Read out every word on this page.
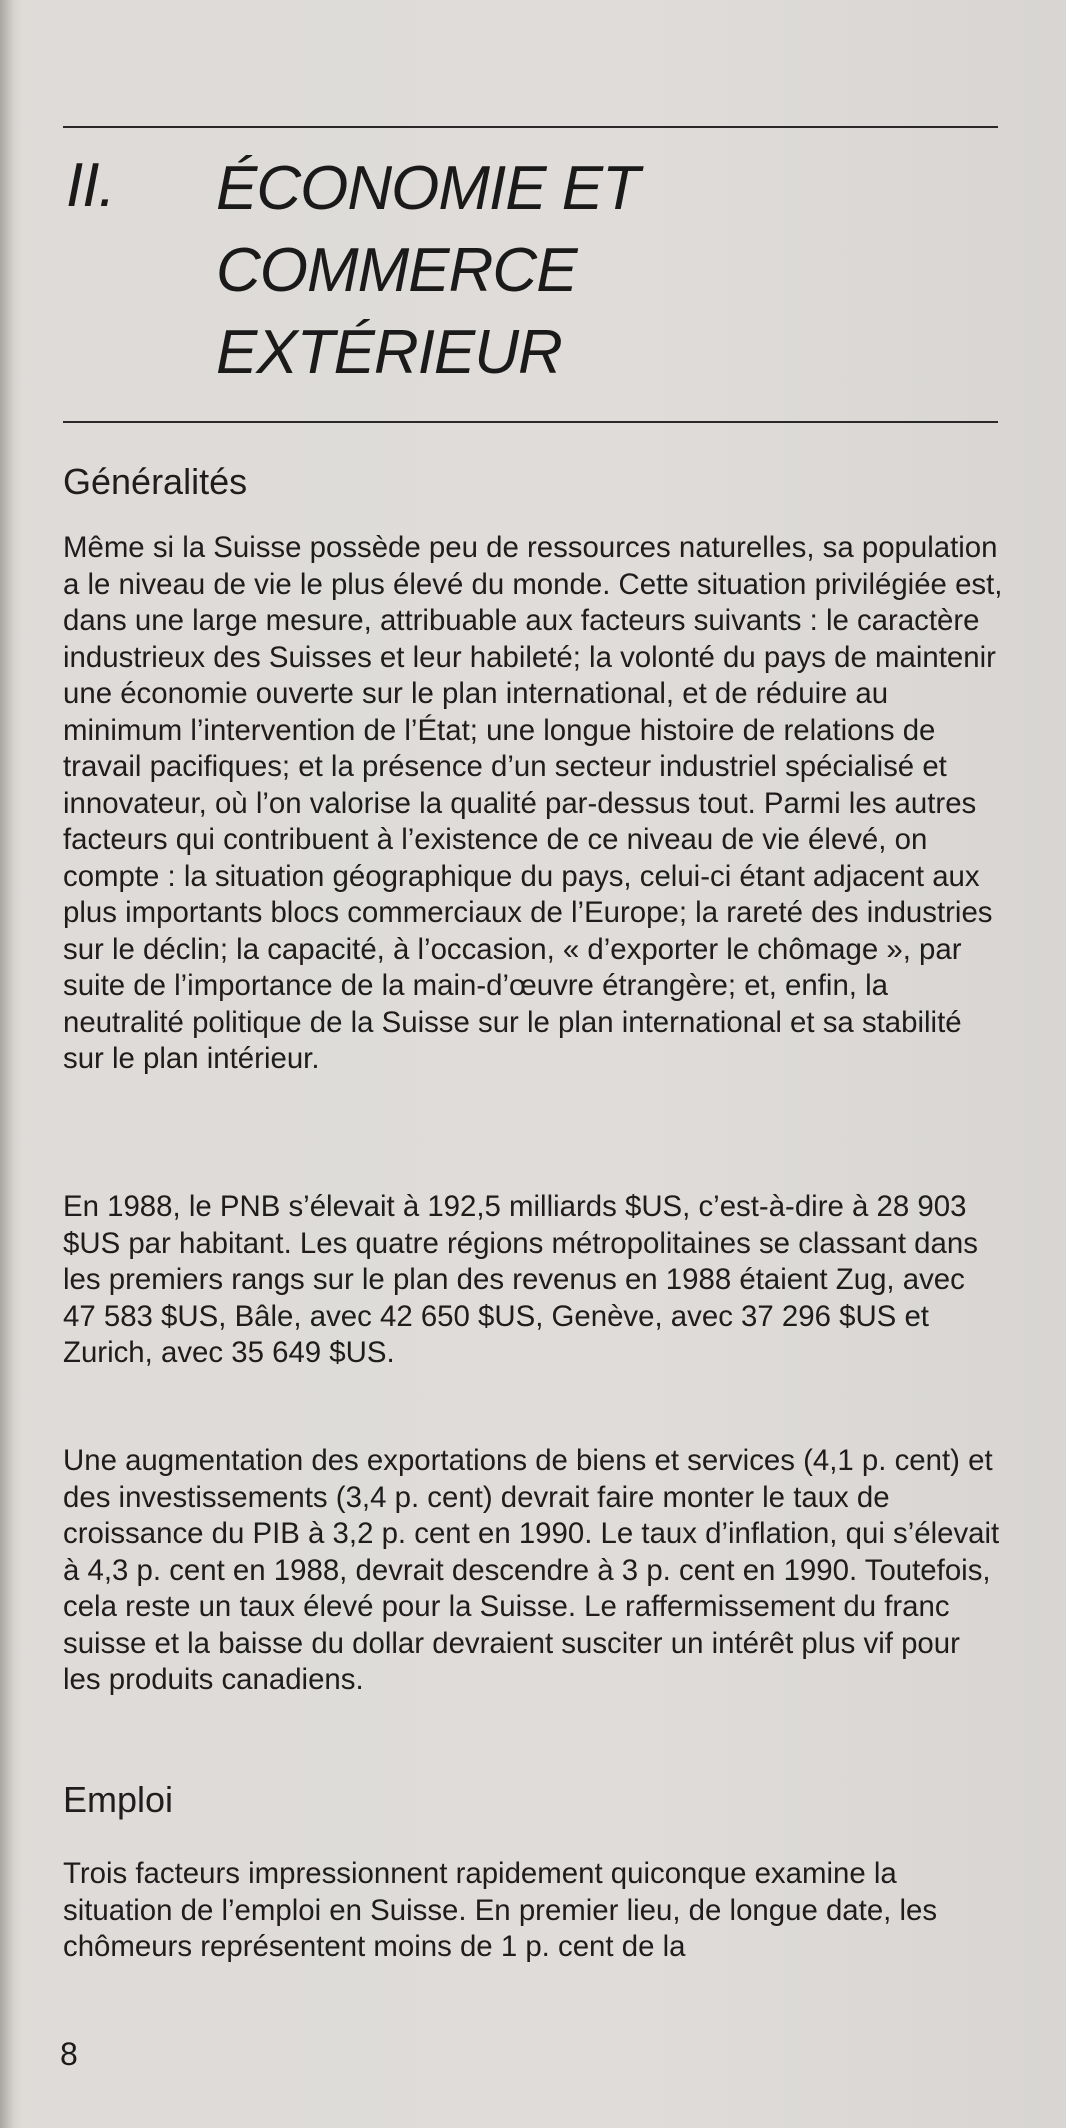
II. ÉCONOMIE ET
COMMERCE
EXTÉRIEUR
Généralités

Même si la Suisse possède peu de ressources naturelles, sa population a le niveau de vie le plus élevé du monde. Cette situation privilégiée est, dans une large mesure, attribuable aux facteurs suivants : le caractère industrieux des Suisses et leur habileté; la volonté du pays de maintenir une économie ouverte sur le plan international, et de réduire au minimum l’intervention de l’État; une longue histoire de relations de travail pacifiques; et la présence d’un secteur industriel spécialisé et innovateur, où l’on valorise la qualité par-dessus tout. Parmi les autres facteurs qui contribuent à l’existence de ce niveau de vie élevé, on compte : la situation géographique du pays, celui-ci étant adjacent aux plus importants blocs commerciaux de l’Europe; la rareté des industries sur le déclin; la capacité, à l’occasion, « d’exporter le chômage », par suite de l’importance de la main-d’œuvre étrangère; et, enfin, la neutralité politique de la Suisse sur le plan international et sa stabilité sur le plan intérieur.

En 1988, le PNB s’élevait à 192,5 milliards $US, c’est-à-dire à 28 903 $US par habitant. Les quatre régions métropolitaines se classant dans les premiers rangs sur le plan des revenus en 1988 étaient Zug, avec 47 583 $US, Bâle, avec 42 650 $US, Genève, avec 37 296 $US et Zurich, avec 35 649 $US.

Une augmentation des exportations de biens et services (4,1 p. cent) et des investissements (3,4 p. cent) devrait faire monter le taux de croissance du PIB à 3,2 p. cent en 1990. Le taux d’inflation, qui s’élevait à 4,3 p. cent en 1988, devrait descendre à 3 p. cent en 1990. Toutefois, cela reste un taux élevé pour la Suisse. Le raffermissement du franc suisse et la baisse du dollar devraient susciter un intérêt plus vif pour les produits canadiens.

Emploi

Trois facteurs impressionnent rapidement quiconque examine la situation de l’emploi en Suisse. En premier lieu, de longue date, les chômeurs représentent moins de 1 p. cent de la

8
